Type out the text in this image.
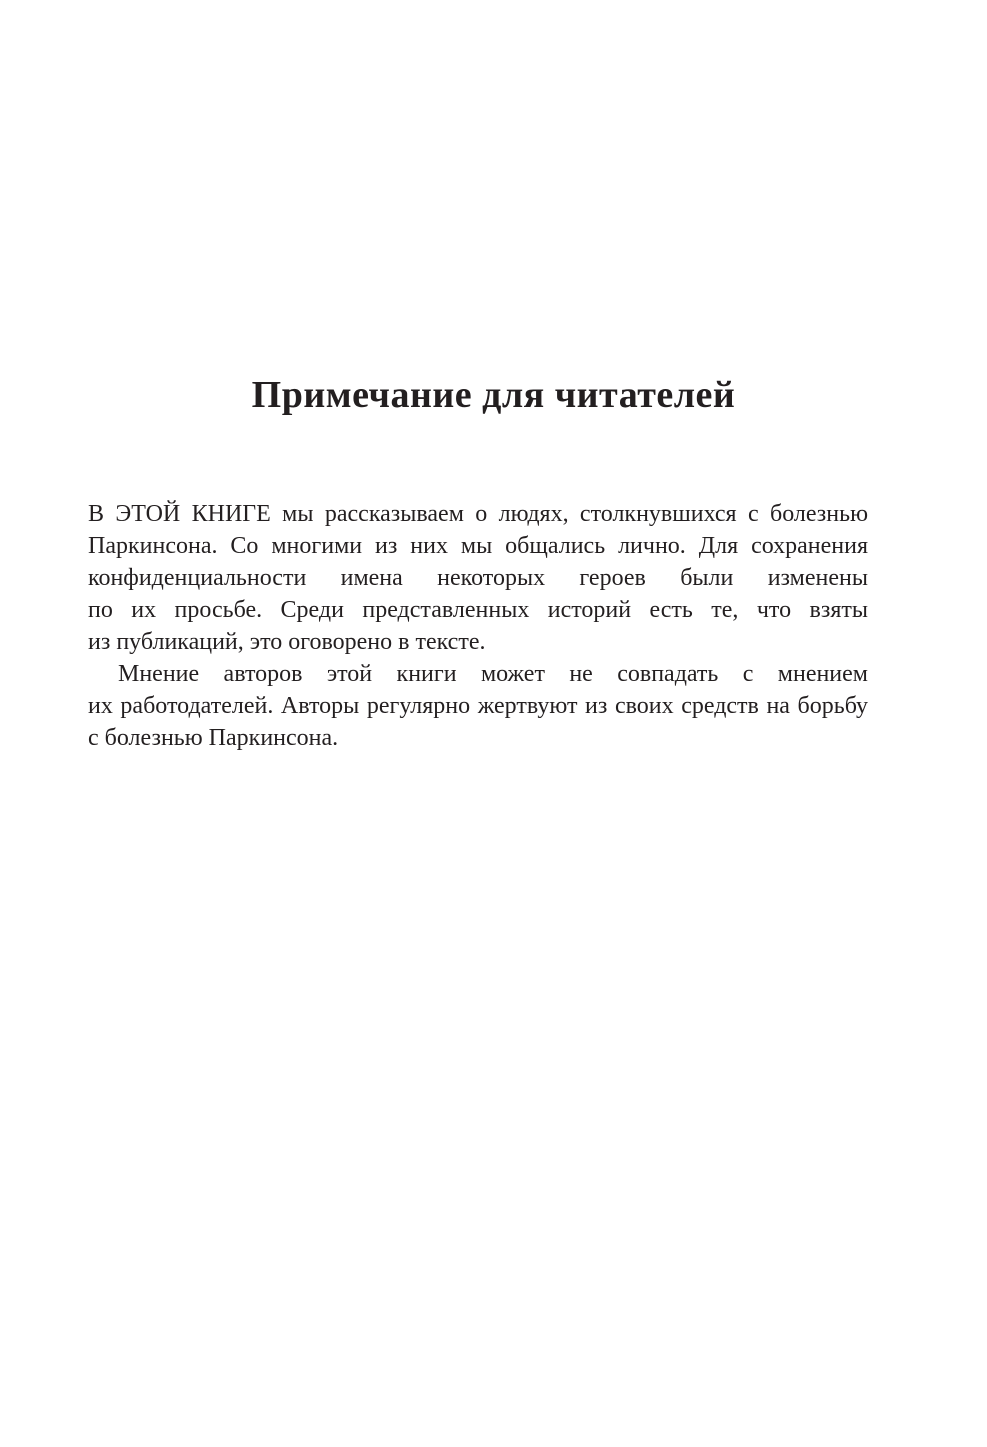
Примечание для читателей
В ЭТОЙ КНИГЕ мы рассказываем о людях, столкнувшихся с болезнью
Паркинсона. Со многими из них мы общались лично. Для сохранения
конфиденциальности имена некоторых героев были изменены
по их просьбе. Среди представленных историй есть те, что взяты
из публикаций, это оговорено в тексте.
Мнение авторов этой книги может не совпадать с мнением
их работодателей. Авторы регулярно жертвуют из своих средств на борьбу
с болезнью Паркинсона.
